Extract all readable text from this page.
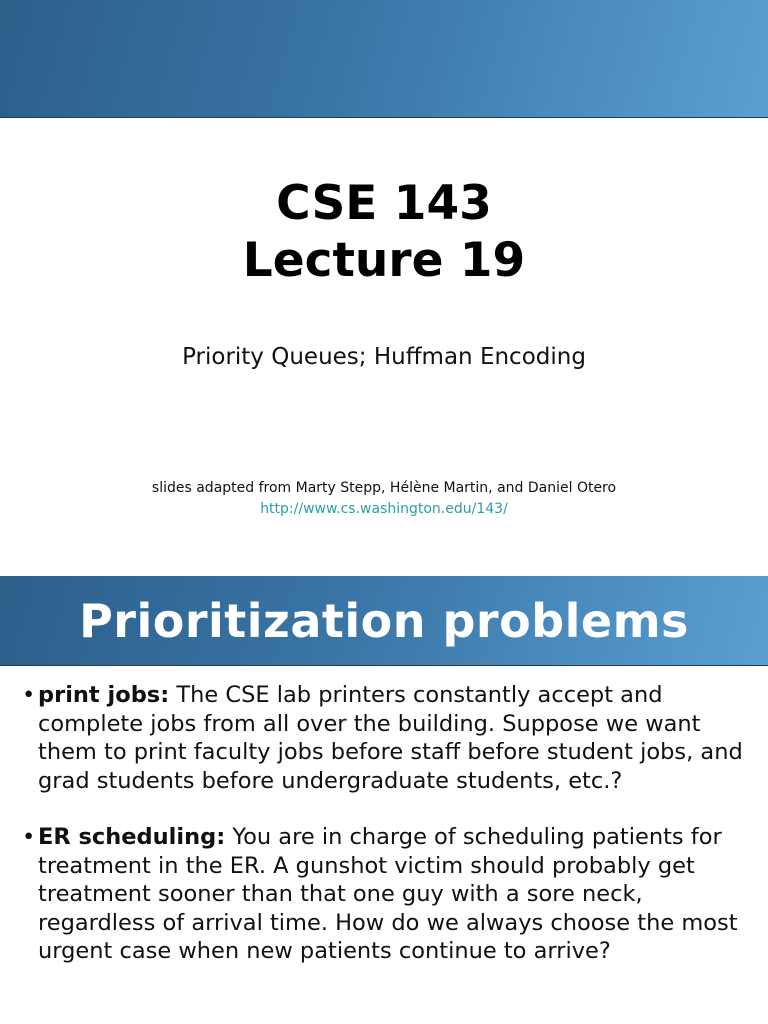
CSE 143
Lecture 19
Priority Queues; Huffman Encoding
slides adapted from Marty Stepp, Hélène Martin, and Daniel Otero
http://www.cs.washington.edu/143/
Prioritization problems
• print jobs: The CSE lab printers constantly accept and complete jobs from all over the building. Suppose we want them to print faculty jobs before staff before student jobs, and grad students before undergraduate students, etc.?
• ER scheduling: You are in charge of scheduling patients for treatment in the ER. A gunshot victim should probably get treatment sooner than that one guy with a sore neck, regardless of arrival time. How do we always choose the most urgent case when new patients continue to arrive?
